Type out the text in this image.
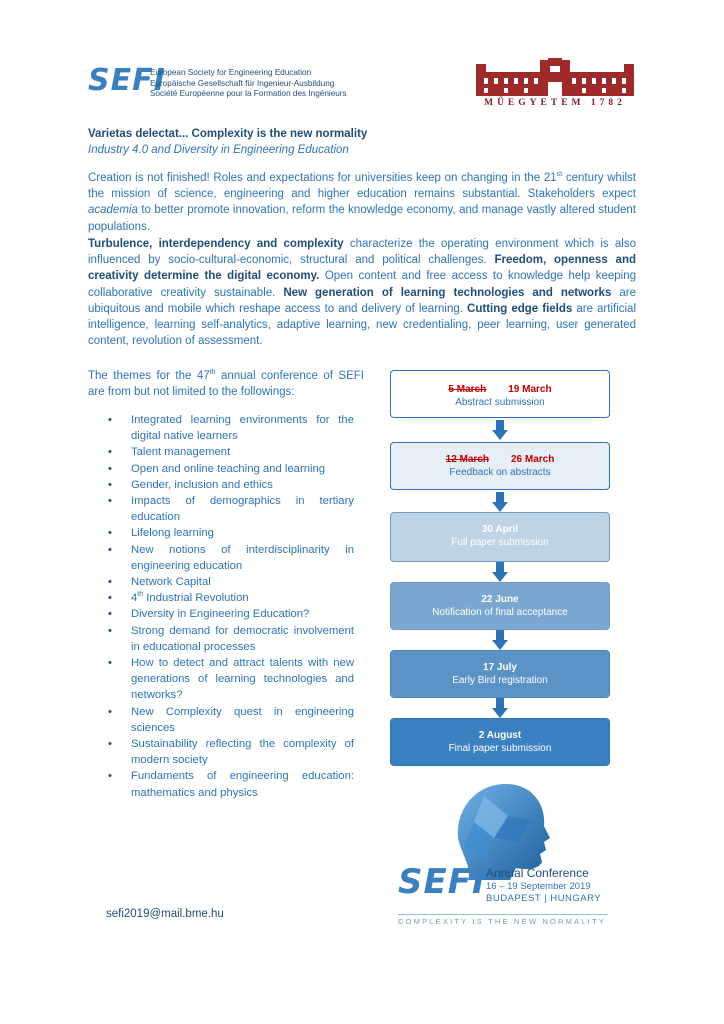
SEFI
European Society for Engineering Education
Europäische Gesellschaft für Ingenieur-Ausbildung
Société Européenne pour la Formation des Ingénieurs
MŰEGYETEM 1782
Varietas delectat... Complexity is the new normality
Industry 4.0 and Diversity in Engineering Education
Creation is not finished! Roles and expectations for universities keep on changing in the 21st century whilst the mission of science, engineering and higher education remains substantial. Stakeholders expect academia to better promote innovation, reform the knowledge economy, and manage vastly altered student populations.
Turbulence, interdependency and complexity characterize the operating environment which is also influenced by socio-cultural-economic, structural and political challenges. Freedom, openness and creativity determine the digital economy. Open content and free access to knowledge help keeping collaborative creativity sustainable. New generation of learning technologies and networks are ubiquitous and mobile which reshape access to and delivery of learning. Cutting edge fields are artificial intelligence, learning self-analytics, adaptive learning, new credentialing, peer learning, user generated content, revolution of assessment.
The themes for the 47th annual conference of SEFI are from but not limited to the followings:
• Integrated learning environments for the digital native learners
• Talent management
• Open and online teaching and learning
• Gender, inclusion and ethics
• Impacts of demographics in tertiary education
• Lifelong learning
• New notions of interdisciplinarity in engineering education
• Network Capital
• 4th Industrial Revolution
• Diversity in Engineering Education?
• Strong demand for democratic involvement in educational processes
• How to detect and attract talents with new generations of learning technologies and networks?
• New Complexity quest in engineering sciences
• Sustainability reflecting the complexity of modern society
• Fundaments of engineering education: mathematics and physics
5 March 19 March
Abstract submission
12 March 26 March
Feedback on abstracts
30 April
Full paper submission
22 June
Notification of final acceptance
17 July
Early Bird registration
2 August
Final paper submission
SEFI Annual Conference
16 – 19 September 2019
BUDAPEST | HUNGARY
COMPLEXITY IS THE NEW NORMALITY
sefi2019@mail.bme.hu
